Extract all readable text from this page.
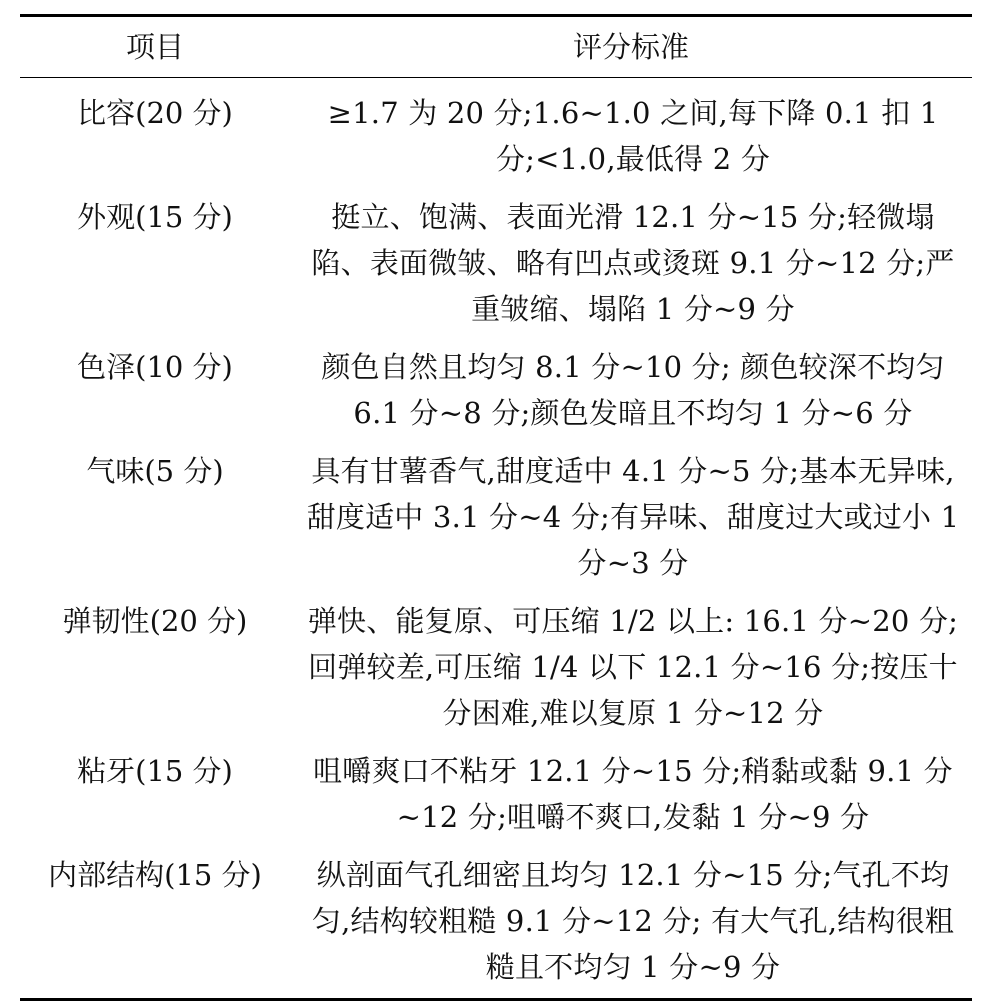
项目	评分标准
比容(20 分)	≥1.7 为 20 分;1.6~1.0 之间,每下降 0.1 扣 1 分;<1.0,最低得 2 分
外观(15 分)	挺立、饱满、表面光滑 12.1 分~15 分;轻微塌陷、表面微皱、略有凹点或烫斑 9.1 分~12 分;严重皱缩、塌陷 1 分~9 分
色泽(10 分)	颜色自然且均匀 8.1 分~10 分; 颜色较深不均匀 6.1 分~8 分;颜色发暗且不均匀 1 分~6 分
气味(5 分)	具有甘薯香气,甜度适中 4.1 分~5 分;基本无异味,甜度适中 3.1 分~4 分;有异味、甜度过大或过小 1 分~3 分
弹韧性(20 分)	弹快、能复原、可压缩 1/2 以上: 16.1 分~20 分;回弹较差,可压缩 1/4 以下 12.1 分~16 分;按压十分困难,难以复原 1 分~12 分
粘牙(15 分)	咀嚼爽口不粘牙 12.1 分~15 分;稍黏或黏 9.1 分~12 分;咀嚼不爽口,发黏 1 分~9 分
内部结构(15 分)	纵剖面气孔细密且均匀 12.1 分~15 分;气孔不均匀,结构较粗糙 9.1 分~12 分; 有大气孔,结构很粗糙且不均匀 1 分~9 分
